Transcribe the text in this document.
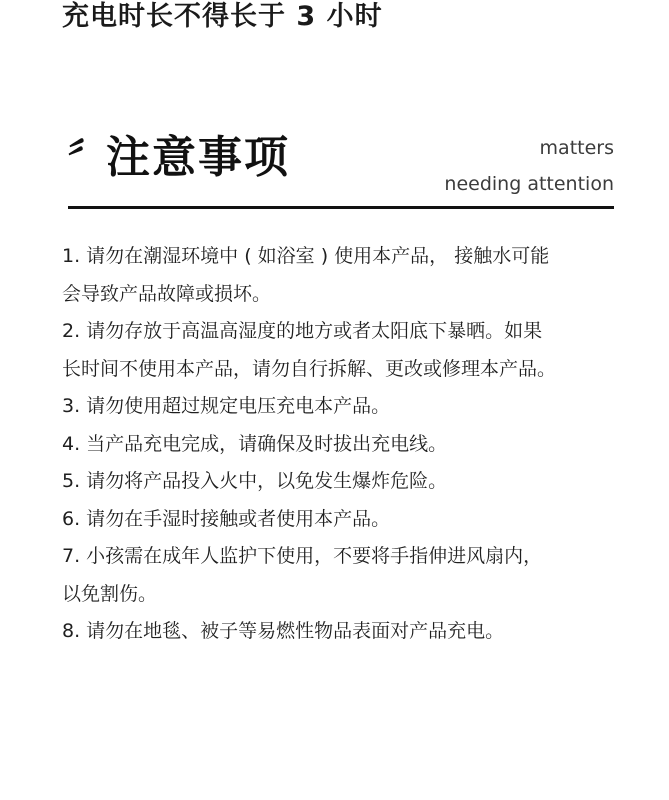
充电时长不得长于 3 小时
〞 注意事项	matters
needing attention
1. 请勿在潮湿环境中 ( 如浴室 ) 使用本产品， 接触水可能
会导致产品故障或损坏。
2. 请勿存放于高温高湿度的地方或者太阳底下暴晒。如果
长时间不使用本产品，请勿自行拆解、更改或修理本产品。
3. 请勿使用超过规定电压充电本产品。
4. 当产品充电完成，请确保及时拔出充电线。
5. 请勿将产品投入火中，以免发生爆炸危险。
6. 请勿在手湿时接触或者使用本产品。
7. 小孩需在成年人监护下使用，不要将手指伸进风扇内，
以免割伤。
8. 请勿在地毯、被子等易燃性物品表面对产品充电。
